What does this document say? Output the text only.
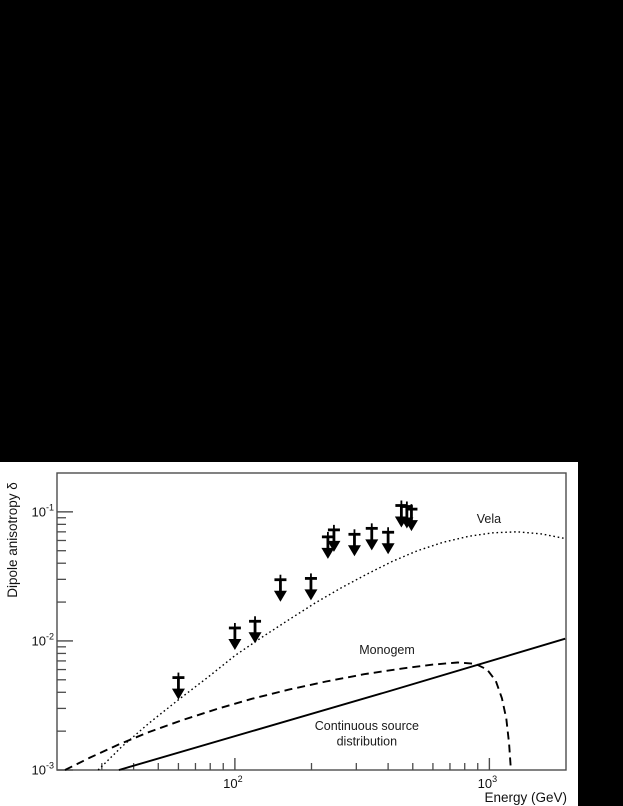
$10^2$	$10^3$
$10^{-1}$
$10^{-2}$
$10^{-3}$
Vela
Monogem
Continuous source
distribution
Dipole anisotropy δ
Energy (GeV)
